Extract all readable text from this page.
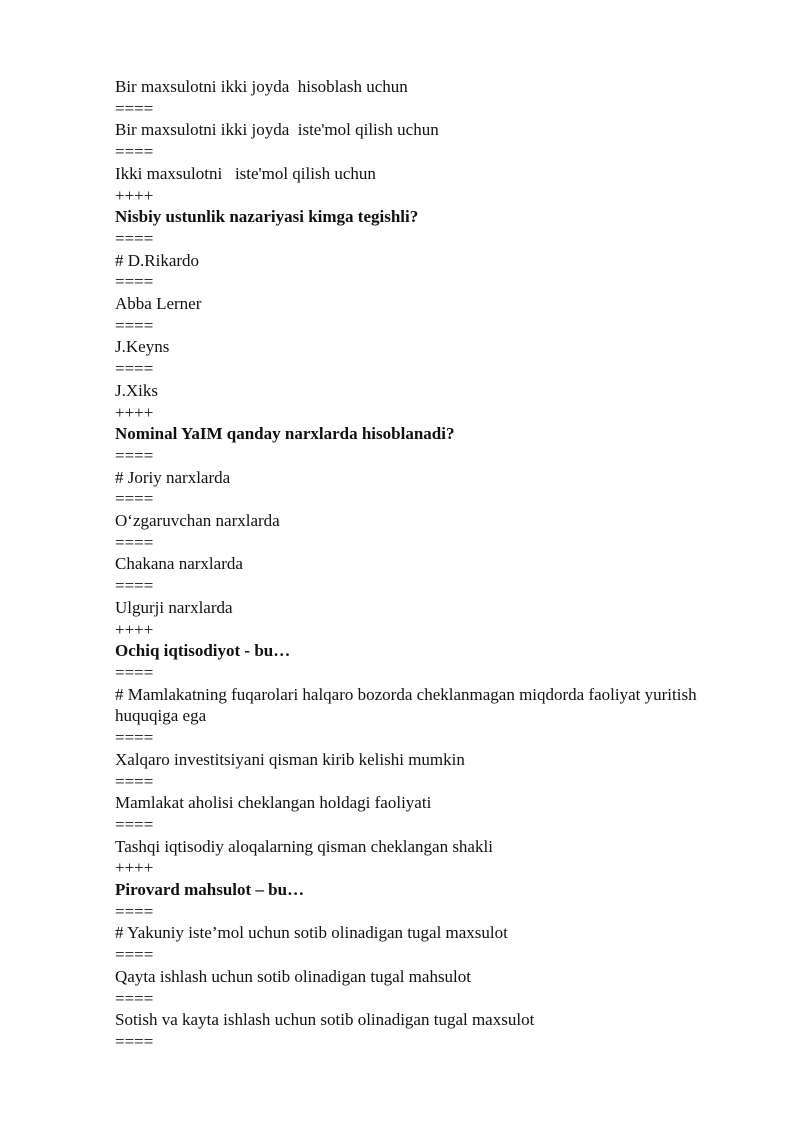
Bir maxsulotni ikki joyda  hisoblash uchun

====

Bir maxsulotni ikki joyda  iste'mol qilish uchun

====

Ikki maxsulotni   iste'mol qilish uchun

++++

Nisbiy ustunlik nazariyasi kimga tegishli?

====

# D.Rikardo

====

Abba Lerner

====

J.Keyns

====

J.Xiks

++++

Nominal YaIM qanday narxlarda hisoblanadi?

====

# Joriy narxlarda

====

O‘zgaruvchan narxlarda

====

Chakana narxlarda

====

Ulgurji narxlarda

++++

Ochiq iqtisodiyot - bu…

====

# Mamlakatning fuqarolari halqaro bozorda cheklanmagan miqdorda faoliyat yuritish huquqiga ega

====

Xalqaro investitsiyani qisman kirib kelishi mumkin

====

Mamlakat aholisi cheklangan holdagi faoliyati

====

Tashqi iqtisodiy aloqalarning qisman cheklangan shakli

++++

Pirovard mahsulot – bu…

====

# Yakuniy iste’mol uchun sotib olinadigan tugal maxsulot

====

Qayta ishlash uchun sotib olinadigan tugal mahsulot

====

Sotish va kayta ishlash uchun sotib olinadigan tugal maxsulot

====
